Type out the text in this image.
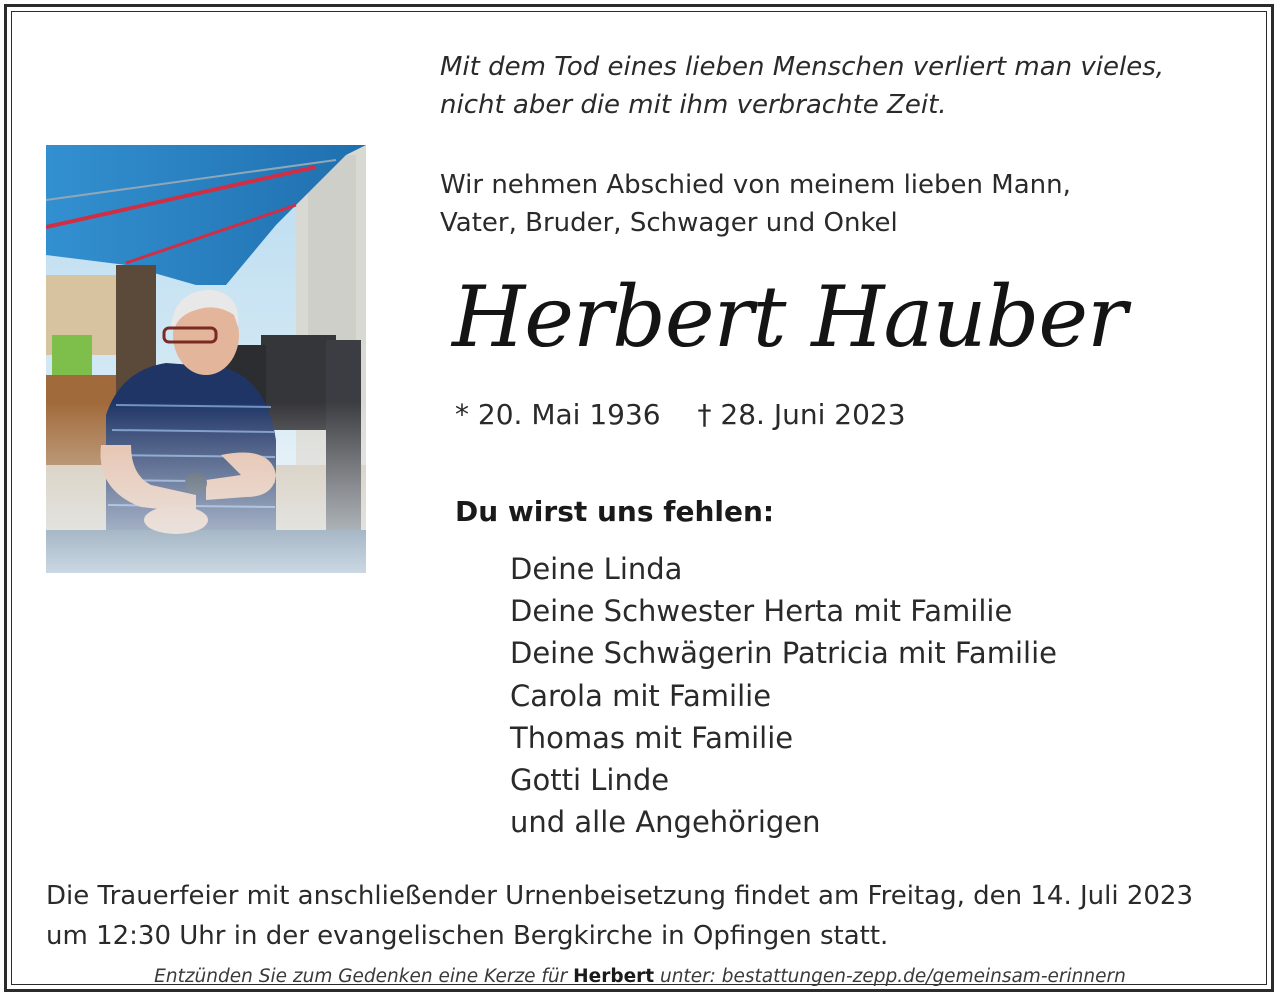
Mit dem Tod eines lieben Menschen verliert man vieles,
nicht aber die mit ihm verbrachte Zeit.
Wir nehmen Abschied von meinem lieben Mann,
Vater, Bruder, Schwager und Onkel
Herbert Hauber
* 20. Mai 1936 † 28. Juni 2023
Du wirst uns fehlen:
Deine Linda
Deine Schwester Herta mit Familie
Deine Schwägerin Patricia mit Familie
Carola mit Familie
Thomas mit Familie
Gotti Linde
und alle Angehörigen
Die Trauerfeier mit anschließender Urnenbeisetzung findet am Freitag, den 14. Juli 2023
um 12:30 Uhr in der evangelischen Bergkirche in Opfingen statt.
Entzünden Sie zum Gedenken eine Kerze für Herbert unter: bestattungen-zepp.de/gemeinsam-erinnern
